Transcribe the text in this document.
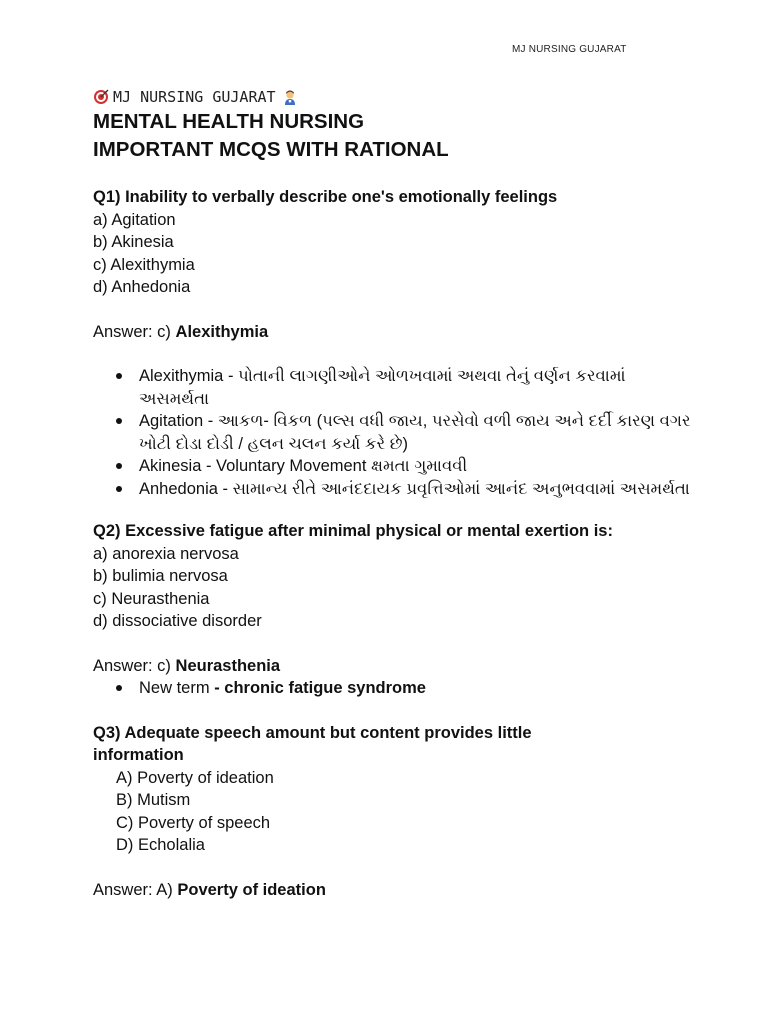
MJ NURSING GUJARAT
MJ NURSING GUJARAT
MENTAL HEALTH NURSING
IMPORTANT MCQS WITH RATIONAL
Q1) Inability to verbally describe one's emotionally feelings
a) Agitation
b) Akinesia
c) Alexithymia
d) Anhedonia
Answer: c) Alexithymia
Alexithymia - પોતાની લાગણીઓને ઓળખવામાં અથવા તેનું વર્ણન કરવામાં અસમર્થતા
Agitation - આકળ- વિકળ (પલ્સ વધી જાય, પરસેવો વળી જાય અને દર્દી કારણ વગર ખોટી દોડા દોડી / હલન ચલન કર્યા કરે છે)
Akinesia - Voluntary Movement ક્ષમતા ગુમાવવી
Anhedonia - સામાન્ય રીતે આનંદદાયક પ્રવૃત્તિઓમાં આનંદ અનુભવવામાં અસમર્થતા
Q2) Excessive fatigue after minimal physical or mental exertion is:
a) anorexia nervosa
b) bulimia nervosa
c) Neurasthenia
d) dissociative disorder
Answer: c) Neurasthenia
New term - chronic fatigue syndrome
Q3) Adequate speech amount but content provides little
information
A) Poverty of ideation
B) Mutism
C) Poverty of speech
D) Echolalia
Answer: A) Poverty of ideation
